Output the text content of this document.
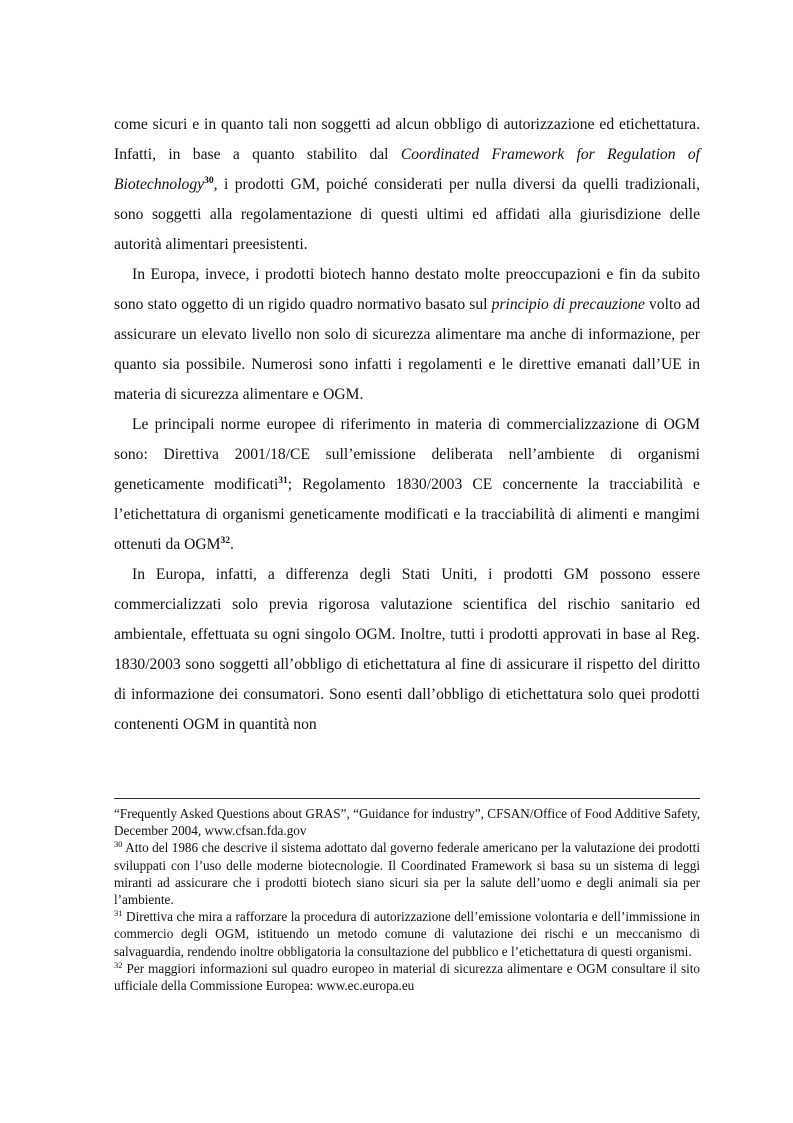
come sicuri e in quanto tali non soggetti ad alcun obbligo di autorizzazione ed etichettatura. Infatti, in base a quanto stabilito dal Coordinated Framework for Regulation of Biotechnology$^{30}$, i prodotti GM, poiché considerati per nulla diversi da quelli tradizionali, sono soggetti alla regolamentazione di questi ultimi ed affidati alla giurisdizione delle autorità alimentari preesistenti.

In Europa, invece, i prodotti biotech hanno destato molte preoccupazioni e fin da subito sono stato oggetto di un rigido quadro normativo basato sul principio di precauzione volto ad assicurare un elevato livello non solo di sicurezza alimentare ma anche di informazione, per quanto sia possibile. Numerosi sono infatti i regolamenti e le direttive emanati dall’UE in materia di sicurezza alimentare e OGM.

Le principali norme europee di riferimento in materia di commercializzazione di OGM sono: Direttiva 2001/18/CE sull’emissione deliberata nell’ambiente di organismi geneticamente modificati$^{31}$; Regolamento 1830/2003 CE concernente la tracciabilità e l’etichettatura di organismi geneticamente modificati e la tracciabilità di alimenti e mangimi ottenuti da OGM$^{32}$.

In Europa, infatti, a differenza degli Stati Uniti, i prodotti GM possono essere commercializzati solo previa rigorosa valutazione scientifica del rischio sanitario ed ambientale, effettuata su ogni singolo OGM. Inoltre, tutti i prodotti approvati in base al Reg. 1830/2003 sono soggetti all’obbligo di etichettatura al fine di assicurare il rispetto del diritto di informazione dei consumatori. Sono esenti dall’obbligo di etichettatura solo quei prodotti contenenti OGM in quantità non

“Frequently Asked Questions about GRAS”, “Guidance for industry”, CFSAN/Office of Food Additive Safety, December 2004, www.cfsan.fda.gov

$^{30}$ Atto del 1986 che descrive il sistema adottato dal governo federale americano per la valutazione dei prodotti sviluppati con l’uso delle moderne biotecnologie. Il Coordinated Framework si basa su un sistema di leggi miranti ad assicurare che i prodotti biotech siano sicuri sia per la salute dell’uomo e degli animali sia per l’ambiente.

$^{31}$ Direttiva che mira a rafforzare la procedura di autorizzazione dell’emissione volontaria e dell’immissione in commercio degli OGM, istituendo un metodo comune di valutazione dei rischi e un meccanismo di salvaguardia, rendendo inoltre obbligatoria la consultazione del pubblico e l’etichettatura di questi organismi.

$^{32}$ Per maggiori informazioni sul quadro europeo in material di sicurezza alimentare e OGM consultare il sito ufficiale della Commissione Europea: www.ec.europa.eu
